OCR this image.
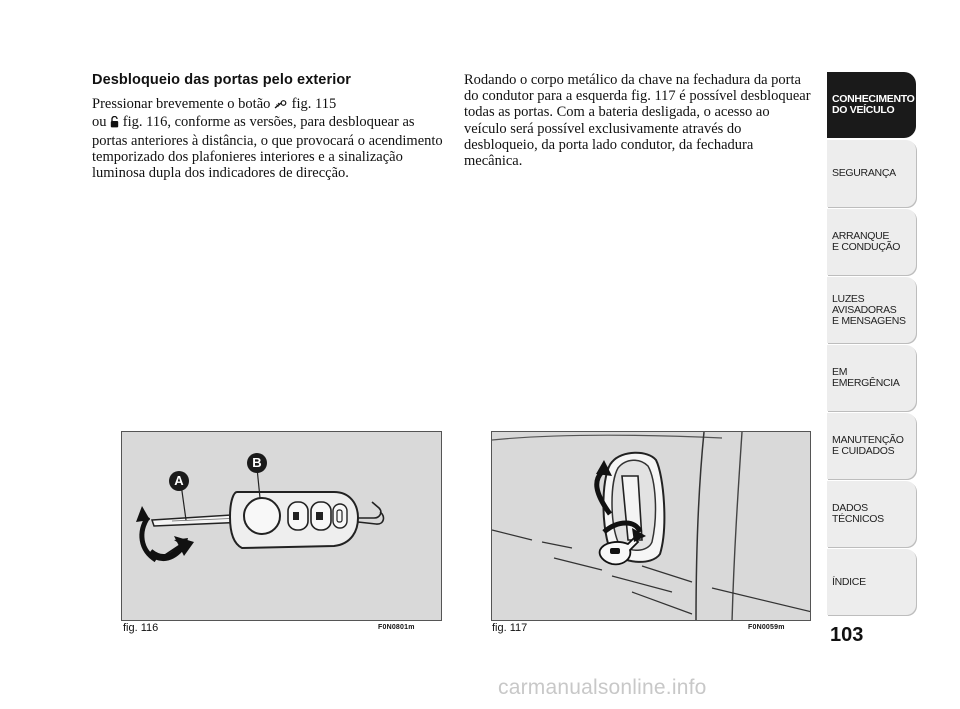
Desbloqueio das portas pelo exterior

Pressionar brevemente o botão fig. 115
ou fig. 116, conforme as versões, para desbloquear as portas anteriores à distância, o que provocará o acendimento temporizado dos plafonieres interiores e a sinalização luminosa dupla dos indicadores de direcção.

Rodando o corpo metálico da chave na fechadura da porta do condutor para a esquerda fig. 117 é possível desbloquear todas as portas. Com a bateria desligada, o acesso ao veículo será possível exclusivamente através do desbloqueio, da porta lado condutor, da fechadura mecânica.

A
B
fig. 116	F0N0801m	fig. 117	F0N0059m
CONHECIMENTO
DO VEÍCULO
SEGURANÇA
ARRANQUE
E CONDUÇÃO
LUZES
AVISADORAS
E MENSAGENS
EM EMERGÊNCIA
MANUTENÇÃO
E CUIDADOS
DADOS
TÉCNICOS
ÍNDICE
103
carmanualsonline.info
